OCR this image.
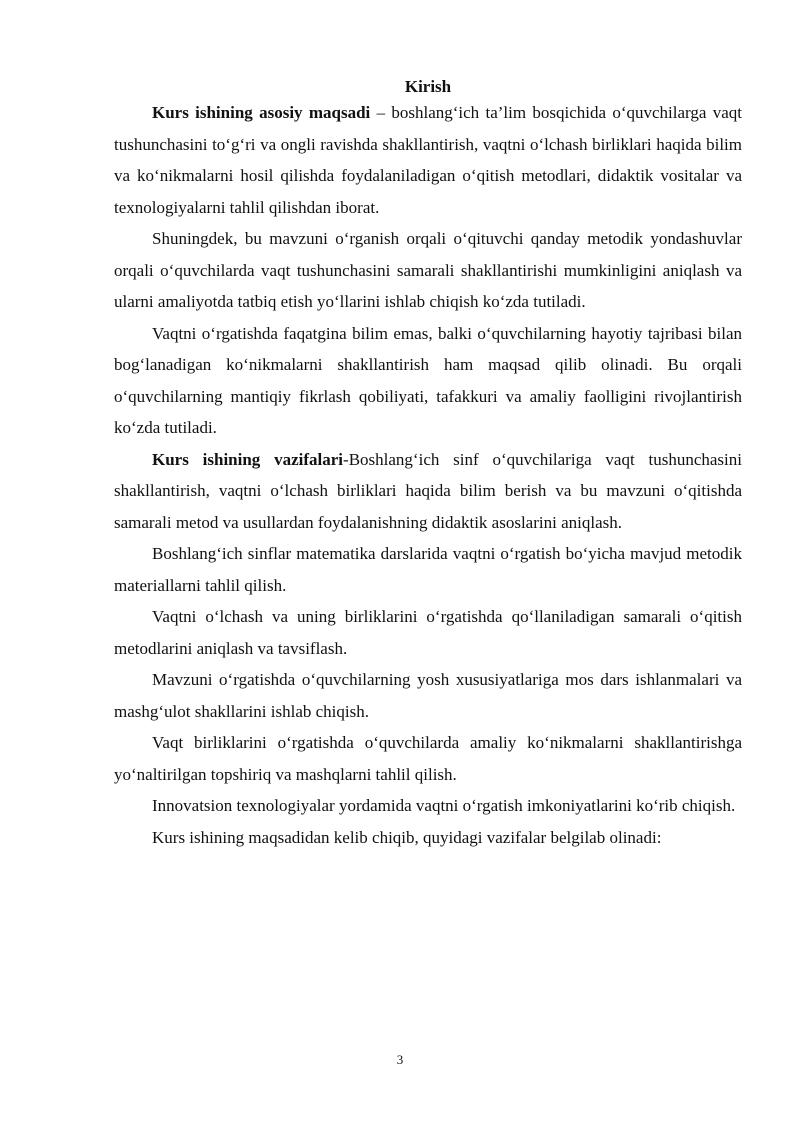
Kirish

Kurs ishining asosiy maqsadi – boshlang‘ich ta’lim bosqichida o‘quvchilarga vaqt tushunchasini to‘g‘ri va ongli ravishda shakllantirish, vaqtni o‘lchash birliklari haqida bilim va ko‘nikmalarni hosil qilishda foydalaniladigan o‘qitish metodlari, didaktik vositalar va texnologiyalarni tahlil qilishdan iborat.

Shuningdek, bu mavzuni o‘rganish orqali o‘qituvchi qanday metodik yondashuvlar orqali o‘quvchilarda vaqt tushunchasini samarali shakllantirishi mumkinligini aniqlash va ularni amaliyotda tatbiq etish yo‘llarini ishlab chiqish ko‘zda tutiladi.

Vaqtni o‘rgatishda faqatgina bilim emas, balki o‘quvchilarning hayotiy tajribasi bilan bog‘lanadigan ko‘nikmalarni shakllantirish ham maqsad qilib olinadi. Bu orqali o‘quvchilarning mantiqiy fikrlash qobiliyati, tafakkuri va amaliy faolligini rivojlantirish ko‘zda tutiladi.

Kurs ishining vazifalari-Boshlang‘ich sinf o‘quvchilariga vaqt tushunchasini shakllantirish, vaqtni o‘lchash birliklari haqida bilim berish va bu mavzuni o‘qitishda samarali metod va usullardan foydalanishning didaktik asoslarini aniqlash.

Boshlang‘ich sinflar matematika darslarida vaqtni o‘rgatish bo‘yicha mavjud metodik materiallarni tahlil qilish.

Vaqtni o‘lchash va uning birliklarini o‘rgatishda qo‘llaniladigan samarali o‘qitish metodlarini aniqlash va tavsiflash.

Mavzuni o‘rgatishda o‘quvchilarning yosh xususiyatlariga mos dars ishlanmalari va mashg‘ulot shakllarini ishlab chiqish.

Vaqt birliklarini o‘rgatishda o‘quvchilarda amaliy ko‘nikmalarni shakllantirishga yo‘naltirilgan topshiriq va mashqlarni tahlil qilish.

Innovatsion texnologiyalar yordamida vaqtni o‘rgatish imkoniyatlarini ko‘rib chiqish.

Kurs ishining maqsadidan kelib chiqib, quyidagi vazifalar belgilab olinadi:

3
